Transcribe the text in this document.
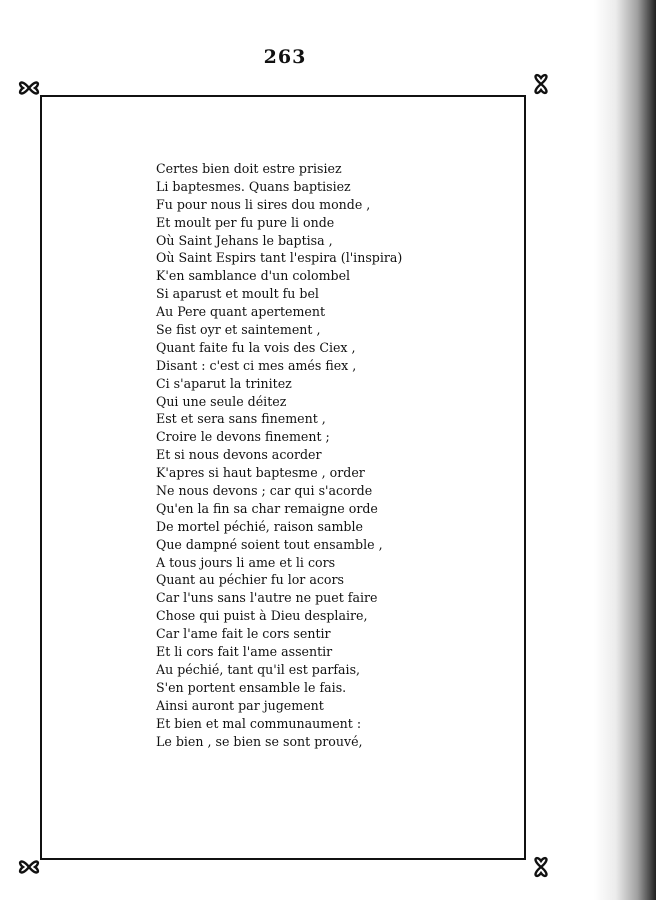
263
Certes bien doit estre prisiez
Li baptesmes. Quans baptisiez
Fu pour nous li sires dou monde ,
Et moult per fu pure li onde
Où Saint Jehans le baptisa ,
Où Saint Espirs tant l'espira (l'inspira)
K'en samblance d'un colombel
Si aparust et moult fu bel
Au Pere quant apertement
Se fist oyr et saintement ,
Quant faite fu la vois des Ciex ,
Disant : c'est ci mes amés fiex ,
Ci s'aparut la trinitez
Qui une seule déitez
Est et sera sans finement ,
Croire le devons finement ;
Et si nous devons acorder
K'apres si haut baptesme , order
Ne nous devons ; car qui s'acorde
Qu'en la fin sa char remaigne orde
De mortel péchié, raison samble
Que dampné soient tout ensamble ,
A tous jours li ame et li cors
Quant au péchier fu lor acors
Car l'uns sans l'autre ne puet faire
Chose qui puist à Dieu desplaire,
Car l'ame fait le cors sentir
Et li cors fait l'ame assentir
Au péchié, tant qu'il est parfais,
S'en portent ensamble le fais.
Ainsi auront par jugement
Et bien et mal communaument :
Le bien , se bien se sont prouvé,
